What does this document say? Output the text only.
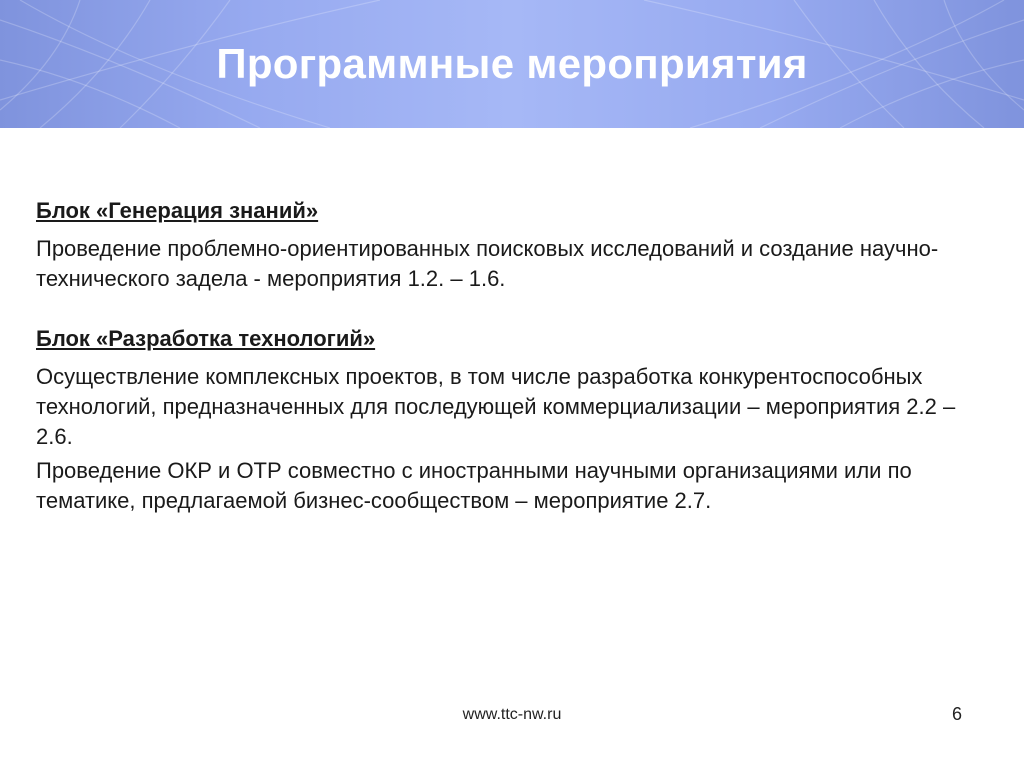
Программные мероприятия

Блок «Генерация знаний»

Проведение проблемно-ориентированных поисковых исследований и создание научно-технического задела - мероприятия 1.2. – 1.6.

Блок «Разработка технологий»

Осуществление комплексных проектов, в том числе разработка конкурентоспособных технологий, предназначенных для последующей коммерциализации – мероприятия 2.2 – 2.6.

Проведение ОКР и ОТР совместно с иностранными научными организациями или по тематике, предлагаемой бизнес-сообществом – мероприятие 2.7.

www.ttc-nw.ru	6
